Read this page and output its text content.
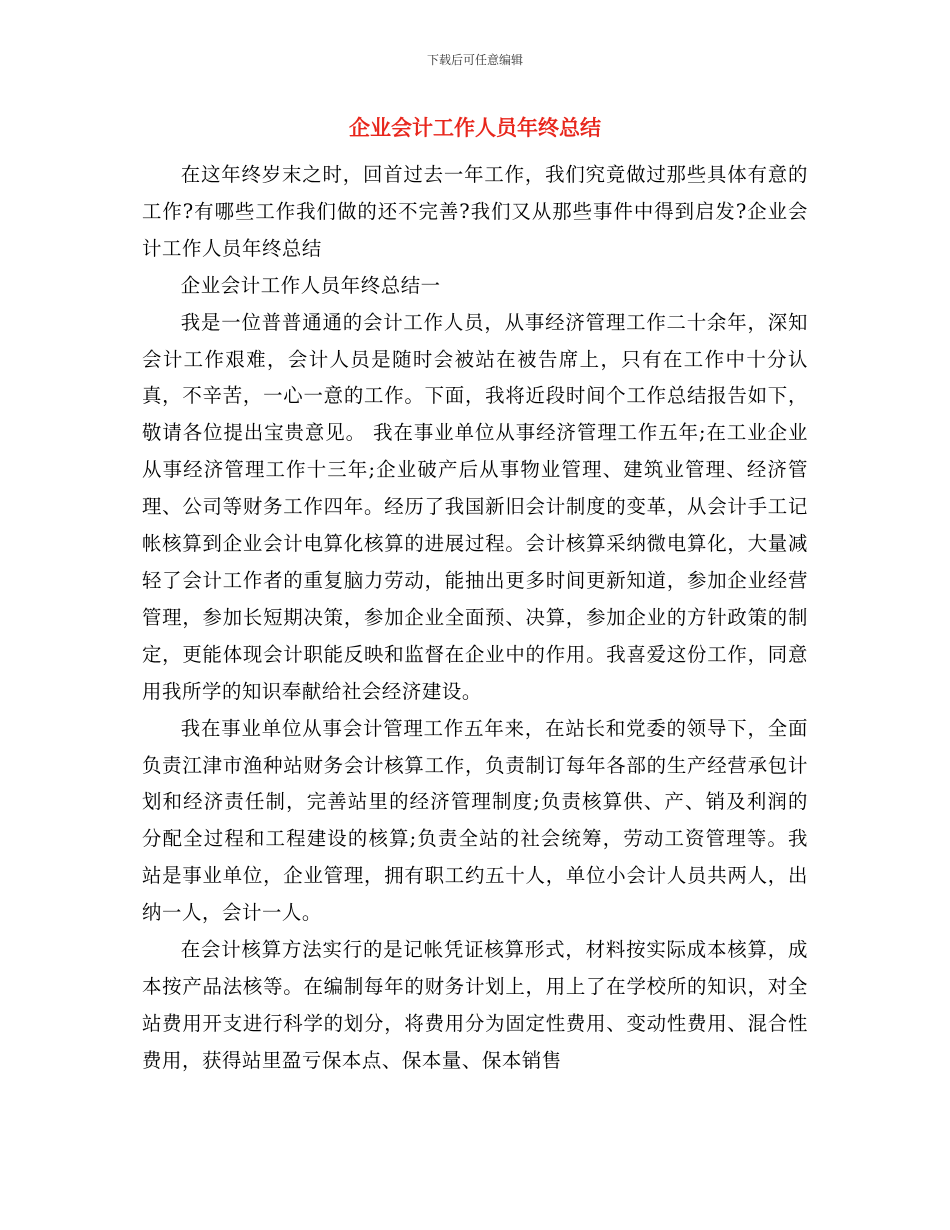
下载后可任意编辑
企业会计工作人员年终总结

在这年终岁末之时，回首过去一年工作，我们究竟做过那些具体有意的工作?有哪些工作我们做的还不完善?我们又从那些事件中得到启发?企业会计工作人员年终总结

企业会计工作人员年终总结一

我是一位普普通通的会计工作人员，从事经济管理工作二十余年，深知会计工作艰难，会计人员是随时会被站在被告席上，只有在工作中十分认真，不辛苦，一心一意的工作。下面，我将近段时间个工作总结报告如下，敬请各位提出宝贵意见。 我在事业单位从事经济管理工作五年;在工业企业从事经济管理工作十三年;企业破产后从事物业管理、建筑业管理、经济管理、公司等财务工作四年。经历了我国新旧会计制度的变革，从会计手工记帐核算到企业会计电算化核算的进展过程。会计核算采纳微电算化，大量减轻了会计工作者的重复脑力劳动，能抽出更多时间更新知道，参加企业经营管理，参加长短期决策，参加企业全面预、决算，参加企业的方针政策的制定，更能体现会计职能反映和监督在企业中的作用。我喜爱这份工作，同意用我所学的知识奉献给社会经济建设。

我在事业单位从事会计管理工作五年来，在站长和党委的领导下，全面负责江津市渔种站财务会计核算工作，负责制订每年各部的生产经营承包计划和经济责任制，完善站里的经济管理制度;负责核算供、产、销及利润的分配全过程和工程建设的核算;负责全站的社会统筹，劳动工资管理等。我站是事业单位，企业管理，拥有职工约五十人，单位小会计人员共两人，出纳一人，会计一人。

在会计核算方法实行的是记帐凭证核算形式，材料按实际成本核算，成本按产品法核等。在编制每年的财务计划上，用上了在学校所的知识，对全站费用开支进行科学的划分，将费用分为固定性费用、变动性费用、混合性费用，获得站里盈亏保本点、保本量、保本销售
